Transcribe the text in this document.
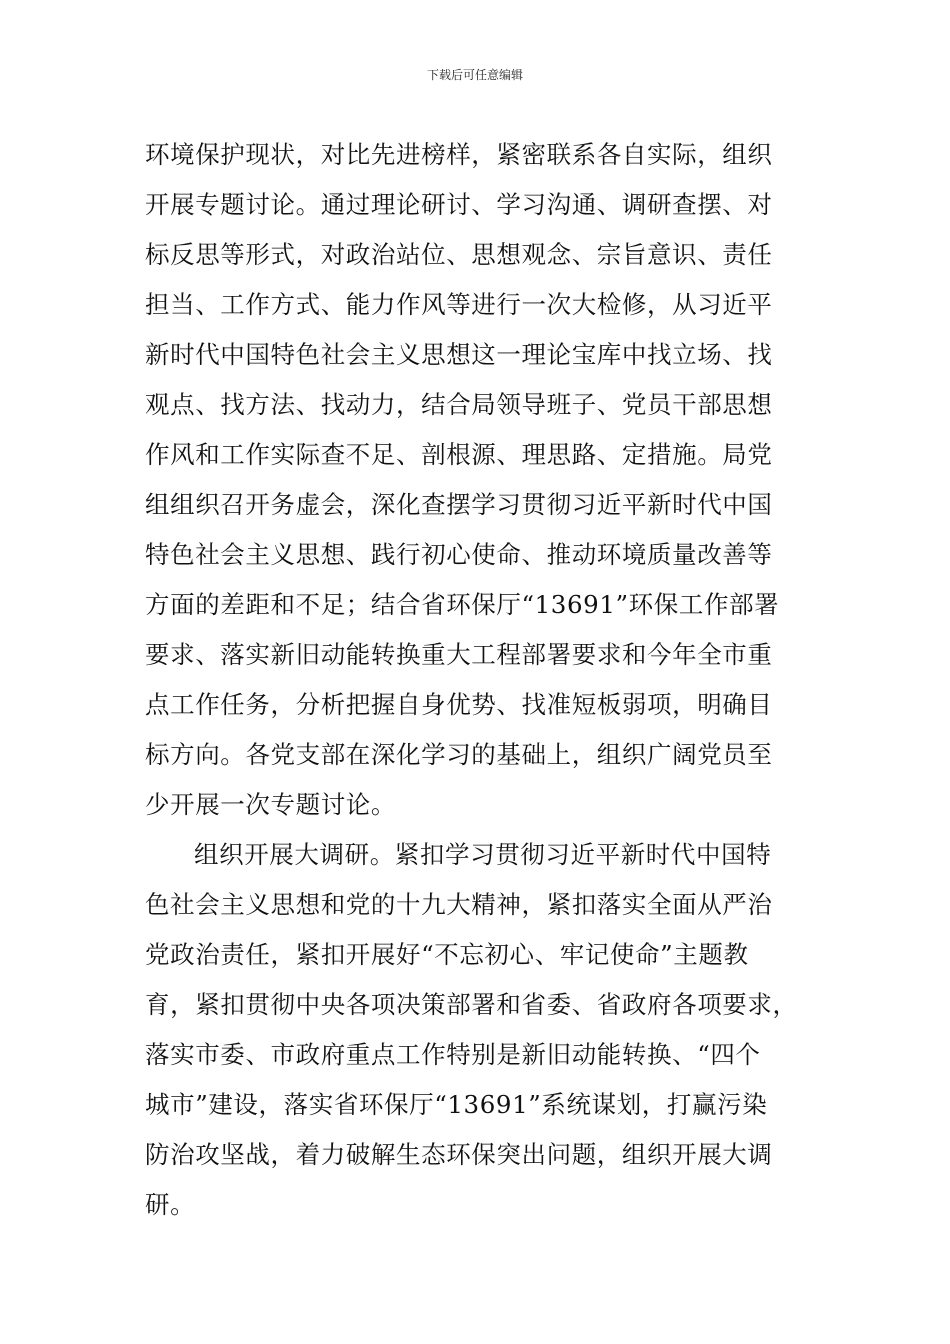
下载后可任意编辑
环境保护现状，对比先进榜样，紧密联系各自实际，组织
开展专题讨论。通过理论研讨、学习沟通、调研查摆、对
标反思等形式，对政治站位、思想观念、宗旨意识、责任
担当、工作方式、能力作风等进行一次大检修，从习近平
新时代中国特色社会主义思想这一理论宝库中找立场、找
观点、找方法、找动力，结合局领导班子、党员干部思想
作风和工作实际查不足、剖根源、理思路、定措施。局党
组组织召开务虚会，深化查摆学习贯彻习近平新时代中国
特色社会主义思想、践行初心使命、推动环境质量改善等
方面的差距和不足；结合省环保厅“13691”环保工作部署
要求、落实新旧动能转换重大工程部署要求和今年全市重
点工作任务，分析把握自身优势、找准短板弱项，明确目
标方向。各党支部在深化学习的基础上，组织广阔党员至
少开展一次专题讨论。
组织开展大调研。紧扣学习贯彻习近平新时代中国特
色社会主义思想和党的十九大精神，紧扣落实全面从严治
党政治责任，紧扣开展好“不忘初心、牢记使命”主题教
育，紧扣贯彻中央各项决策部署和省委、省政府各项要求，
落实市委、市政府重点工作特别是新旧动能转换、“四个
城市”建设，落实省环保厅“13691”系统谋划，打赢污染
防治攻坚战，着力破解生态环保突出问题，组织开展大调
研。
